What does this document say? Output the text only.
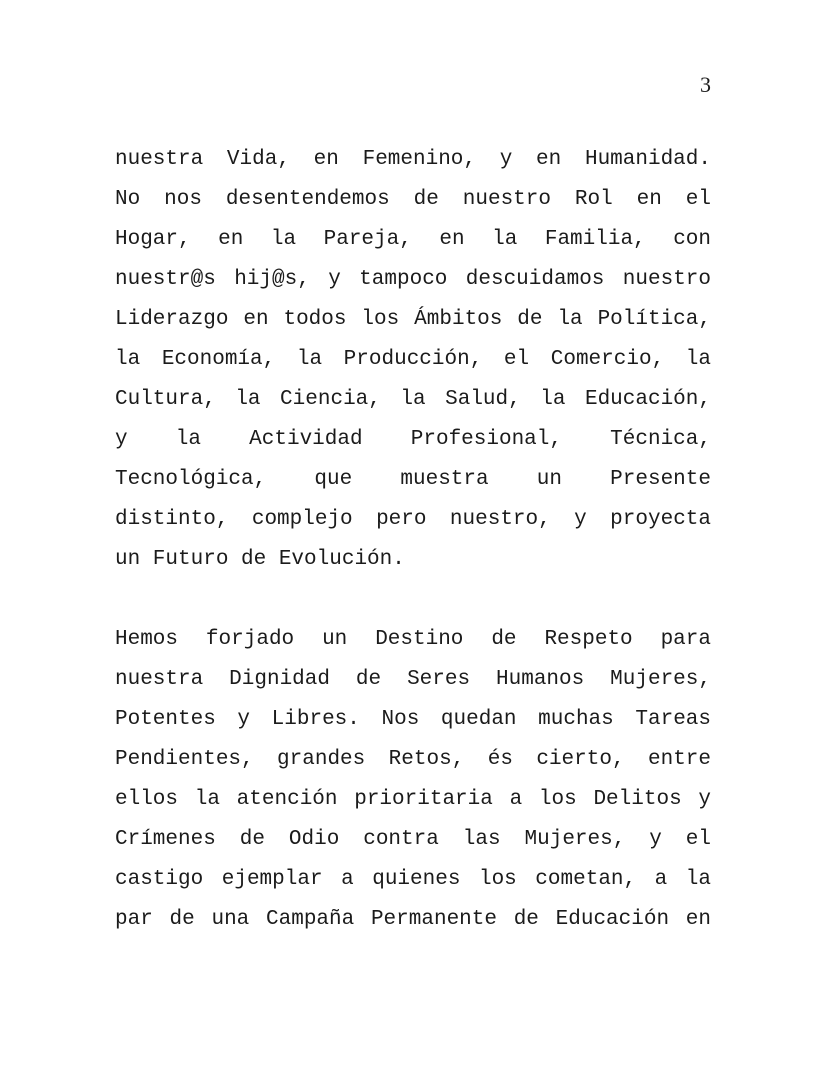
3
nuestra Vida, en Femenino, y en Humanidad.
No nos desentendemos de nuestro Rol en el
Hogar, en la Pareja, en la Familia, con
nuestr@s hij@s, y tampoco descuidamos nuestro
Liderazgo en todos los Ámbitos de la Política,
la Economía, la Producción, el Comercio, la
Cultura, la Ciencia, la Salud, la Educación,
y la Actividad Profesional, Técnica,
Tecnológica, que muestra un Presente
distinto, complejo pero nuestro, y proyecta
un Futuro de Evolución.
Hemos forjado un Destino de Respeto para
nuestra Dignidad de Seres Humanos Mujeres,
Potentes y Libres. Nos quedan muchas Tareas
Pendientes, grandes Retos, és cierto, entre
ellos la atención prioritaria a los Delitos y
Crímenes de Odio contra las Mujeres, y el
castigo ejemplar a quienes los cometan, a la
par de una Campaña Permanente de Educación en
